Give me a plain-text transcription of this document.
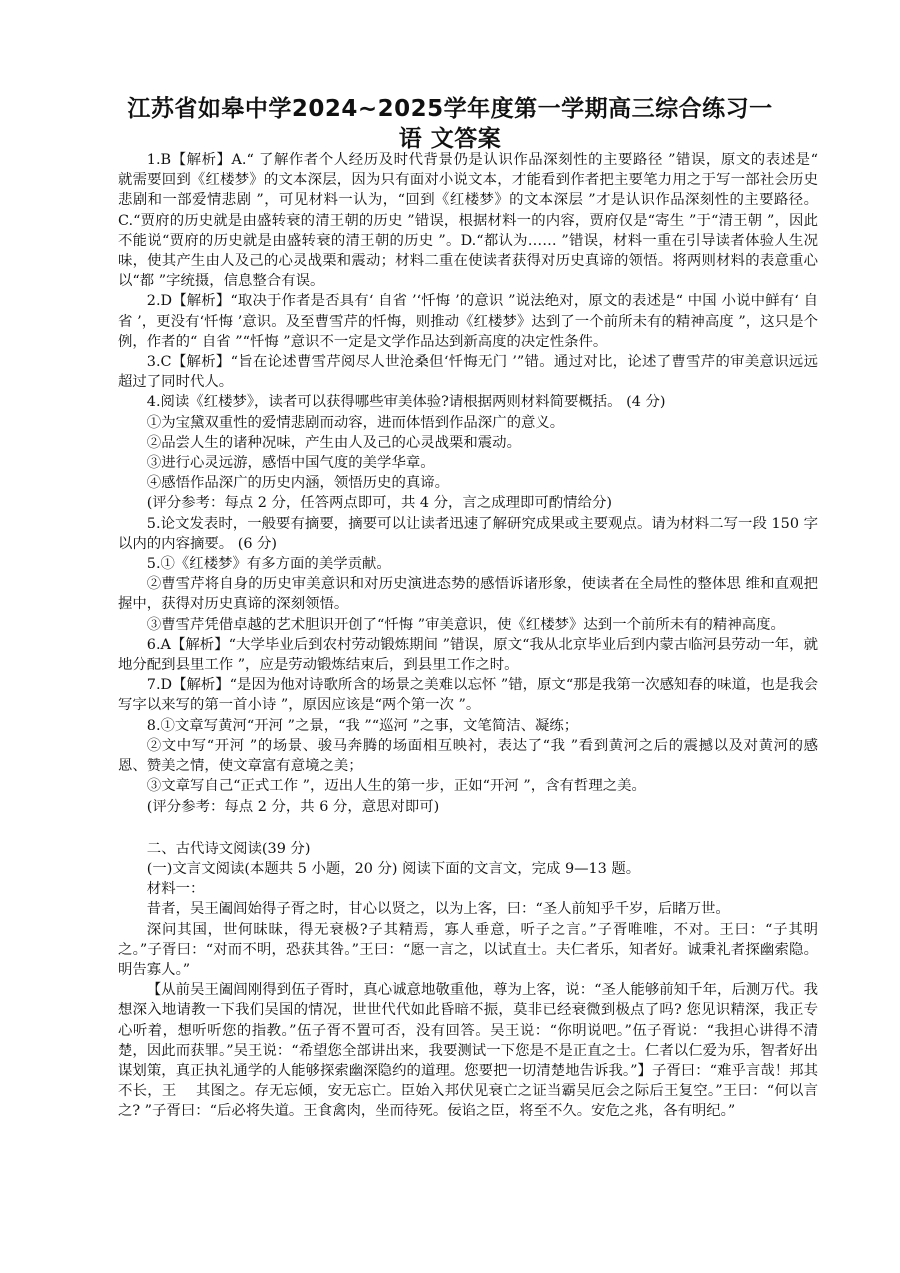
江苏省如皋中学2024~2025学年度第一学期高三综合练习一
语 文答案

1.B【解析】A.“ 了解作者个人经历及时代背景仍是认识作品深刻性的主要路径 ”错误，原文的表述是“　 就需要回到《红楼梦》的文本深层，因为只有面对小说文本，才能看到作者把主要笔力用之于写一部社会历史悲剧和一部爱情悲剧 ”，可见材料一认为，“回到《红楼梦》的文本深层 ”才是认识作品深刻性的主要路径。C.“贾府的历史就是由盛转衰的清王朝的历史 ”错误，根据材料一的内容，贾府仅是“寄生 ”于“清王朝 ”，因此不能说“贾府的历史就是由盛转衰的清王朝的历史 ”。D.“都认为…… ”错误，材料一重在引导读者体验人生况味，使其产生由人及己的心灵战栗和震动；材料二重在使读者获得对历史真谛的领悟。将两则材料的表意重心以“都 ”字统摄，信息整合有误。

2.D【解析】“取决于作者是否具有‘ 自省 ’‘忏悔 ’的意识 ”说法绝对，原文的表述是“ 中国 小说中鲜有‘ 自省 ’，更没有‘忏悔 ’意识。及至曹雪芹的忏悔，则推动《红楼梦》达到了一个前所未有的精神高度 ”，这只是个例，作者的“ 自省 ”“忏悔 ”意识不一定是文学作品达到新高度的决定性条件。

3.C【解析】“旨在论述曹雪芹阅尽人世沧桑但‘忏悔无门 ’”错。通过对比，论述了曹雪芹的审美意识远远超过了同时代人。

4.阅读《红楼梦》，读者可以获得哪些审美体验?请根据两则材料简要概括。 (4 分)

①为宝黛双重性的爱情悲剧而动容，进而体悟到作品深广的意义。

②品尝人生的诸种况味，产生由人及己的心灵战栗和震动。

③进行心灵远游，感悟中国气度的美学华章。

④感悟作品深广的历史内涵，领悟历史的真谛。

(评分参考：每点 2 分，任答两点即可，共 4 分，言之成理即可酌情给分)

5.论文发表时，一般要有摘要，摘要可以让读者迅速了解研究成果或主要观点。请为材料二写一段 150 字以内的内容摘要。 (6 分)

5.①《红楼梦》有多方面的美学贡献。

②曹雪芹将自身的历史审美意识和对历史演进态势的感悟诉诸形象，使读者在全局性的整体思 维和直观把握中，获得对历史真谛的深刻领悟。

③曹雪芹凭借卓越的艺术胆识开创了“忏悔 ”审美意识，使《红楼梦》达到一个前所未有的精神高度。

6.A【解析】“大学毕业后到农村劳动锻炼期间 ”错误，原文“我从北京毕业后到内蒙古临河县劳动一年，就地分配到县里工作 ”，应是劳动锻炼结束后，到县里工作之时。

7.D【解析】“是因为他对诗歌所含的场景之美难以忘怀 ”错，原文“那是我第一次感知春的味道，也是我会写字以来写的第一首小诗 ”，原因应该是“两个第一次 ”。

8.①文章写黄河“开河 ”之景，“我 ”“巡河 ”之事，文笔简洁、凝练；

②文中写“开河 ”的场景、骏马奔腾的场面相互映衬，表达了“我 ”看到黄河之后的震撼以及对黄河的感恩、赞美之情，使文章富有意境之美；

③文章写自己“正式工作 ”，迈出人生的第一步，正如“开河 ”，含有哲理之美。

(评分参考：每点 2 分，共 6 分，意思对即可)

二、古代诗文阅读(39 分)

(一)文言文阅读(本题共 5 小题，20 分) 阅读下面的文言文，完成 9—13 题。

材料一：

昔者，吴王阖闾始得子胥之时，甘心以贤之，以为上客，曰：“圣人前知乎千岁，后睹万世。

深问其国，世何昧昧，得无衰极?子其精焉，寡人垂意，听子之言。”子胥唯唯，不对。王曰：“子其明之。”子胥曰：“对而不明，恐获其咎。”王曰：“愿一言之，以试直士。夫仁者乐，知者好。诚秉礼者探幽索隐。明告寡人。”

【从前吴王阖闾刚得到伍子胥时，真心诚意地敬重他，尊为上客，说：“圣人能够前知千年，后测万代。我想深入地请教一下我们吴国的情况，世世代代如此昏暗不振，莫非已经衰微到极点了吗? 您见识精深，我正专心听着，想听听您的指教。”伍子胥不置可否，没有回答。吴王说：“你明说吧。”伍子胥说：“我担心讲得不清楚，因此而获罪。”吴王说：“希望您全部讲出来，我要测试一下您是不是正直之士。仁者以仁爱为乐，智者好出谋划策，真正执礼通学的人能够探索幽深隐约的道理。您要把一切清楚地告诉我。”】子胥曰：“难乎言哉！邦其不长，王　 其图之。存无忘倾，安无忘亡。臣始入邦伏见衰亡之证当霸吴厄会之际后王复空。”王曰：“何以言之? ”子胥曰：“后必将失道。王食禽肉，坐而待死。佞谄之臣，将至不久。安危之兆，各有明纪。”
